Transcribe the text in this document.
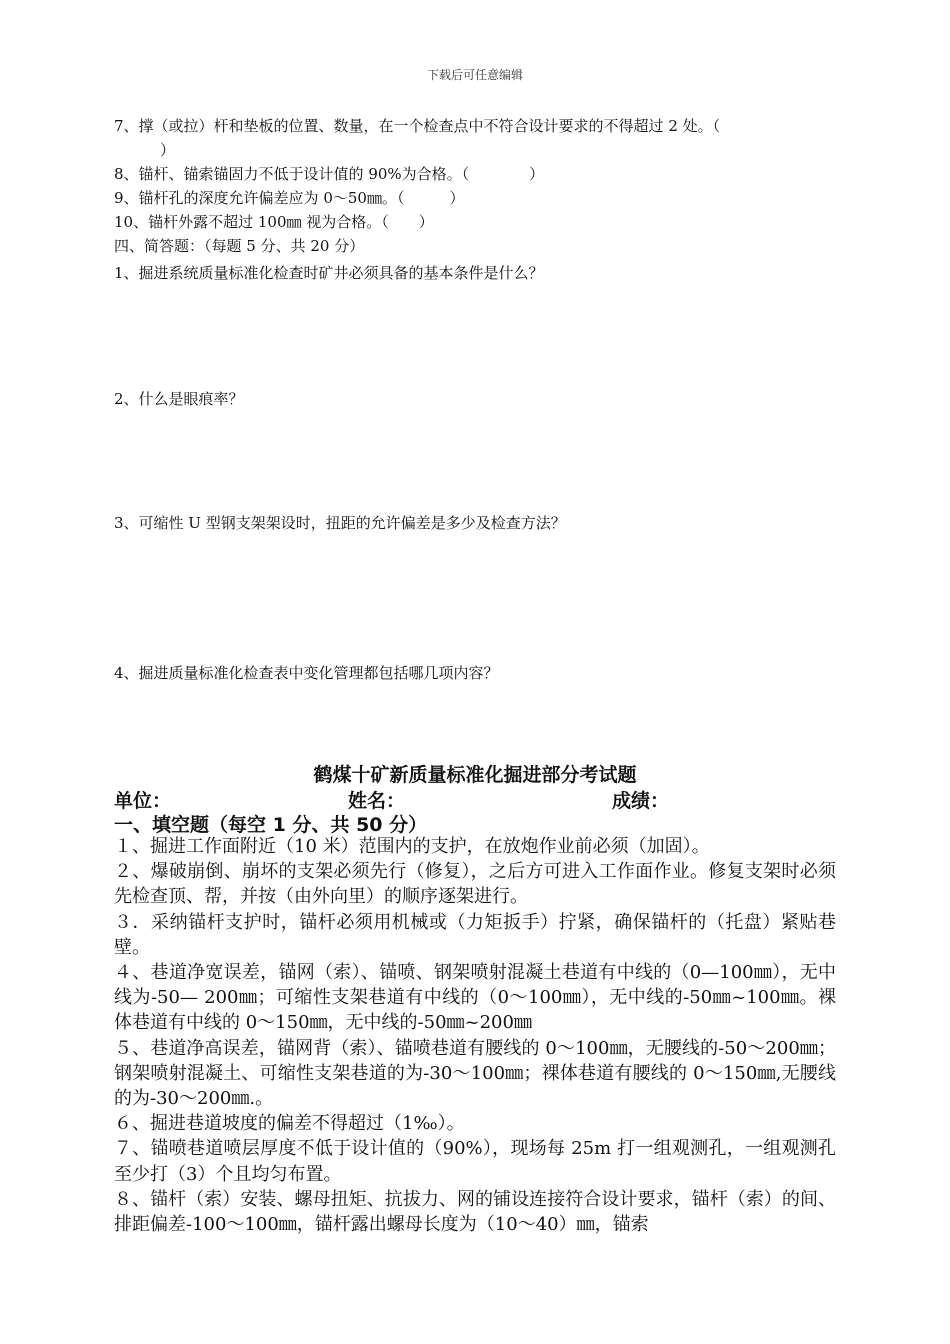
下载后可任意编辑
7、撑（或拉）杆和垫板的位置、数量，在一个检查点中不符合设计要求的不得超过 2 处。（
）
8、锚杆、锚索锚固力不低于设计值的 90%为合格。（　　　　）
9、锚杆孔的深度允许偏差应为 0～50㎜。（　　　）
10、锚杆外露不超过 100㎜ 视为合格。（　　）
四、简答题：（每题 5 分、共 20 分）
1、掘进系统质量标准化检查时矿井必须具备的基本条件是什么？
2、什么是眼痕率？
3、可缩性 U 型钢支架架设时，扭距的允许偏差是多少及检查方法？
4、掘进质量标准化检查表中变化管理都包括哪几项内容？
鹤煤十矿新质量标准化掘进部分考试题
单位：	姓名：	成绩：
一、填空题（每空 1 分、共 50 分）

１、掘进工作面附近（10 米）范围内的支护，在放炮作业前必须（加固）。

２、爆破崩倒、崩坏的支架必须先行（修复），之后方可进入工作面作业。修复支架时必须先检查顶、帮，并按（由外向里）的顺序逐架进行。

３．采纳锚杆支护时，锚杆必须用机械或（力矩扳手）拧紧，确保锚杆的（托盘）紧贴巷壁。

４、巷道净宽误差，锚网（索）、锚喷、钢架喷射混凝土巷道有中线的（0—100㎜），无中线为-50— 200㎜；可缩性支架巷道有中线的（0～100㎜），无中线的-50㎜~100㎜。裸体巷道有中线的 0～150㎜，无中线的-50㎜~200㎜

５、巷道净高误差，锚网背（索）、锚喷巷道有腰线的 0～100㎜，无腰线的-50～200㎜；钢架喷射混凝土、可缩性支架巷道的为-30～100㎜；裸体巷道有腰线的 0～150㎜,无腰线的为-30～200㎜.。

６、掘进巷道坡度的偏差不得超过（1‰）。

７、锚喷巷道喷层厚度不低于设计值的（90%），现场每 25m 打一组观测孔，一组观测孔至少打（3）个且均匀布置。

８、锚杆（索）安装、螺母扭矩、抗拔力、网的铺设连接符合设计要求，锚杆（索）的间、排距偏差-100～100㎜，锚杆露出螺母长度为（10～40）㎜，锚索
